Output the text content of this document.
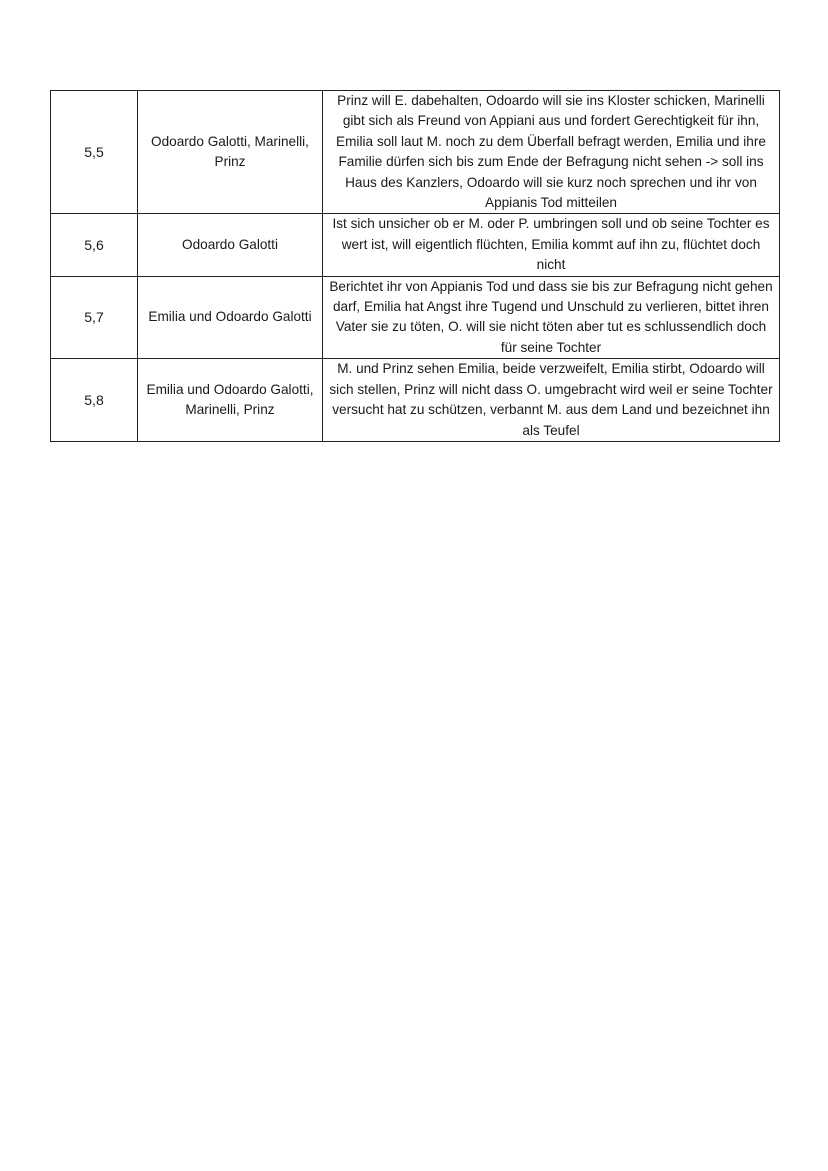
5,5	Odoardo Galotti, Marinelli, Prinz	Prinz will E. dabehalten, Odoardo will sie ins Kloster schicken, Marinelli gibt sich als Freund von Appiani aus und fordert Gerechtigkeit für ihn, Emilia soll laut M. noch zu dem Überfall befragt werden, Emilia und ihre Familie dürfen sich bis zum Ende der Befragung nicht sehen -> soll ins Haus des Kanzlers, Odoardo will sie kurz noch sprechen und ihr von Appianis Tod mitteilen
5,6	Odoardo Galotti	Ist sich unsicher ob er M. oder P. umbringen soll und ob seine Tochter es wert ist, will eigentlich flüchten, Emilia kommt auf ihn zu, flüchtet doch nicht
5,7	Emilia und Odoardo Galotti	Berichtet ihr von Appianis Tod und dass sie bis zur Befragung nicht gehen darf, Emilia hat Angst ihre Tugend und Unschuld zu verlieren, bittet ihren Vater sie zu töten, O. will sie nicht töten aber tut es schlussendlich doch für seine Tochter
5,8	Emilia und Odoardo Galotti, Marinelli, Prinz	M. und Prinz sehen Emilia, beide verzweifelt, Emilia stirbt, Odoardo will sich stellen, Prinz will nicht dass O. umgebracht wird weil er seine Tochter versucht hat zu schützen, verbannt M. aus dem Land und bezeichnet ihn als Teufel
